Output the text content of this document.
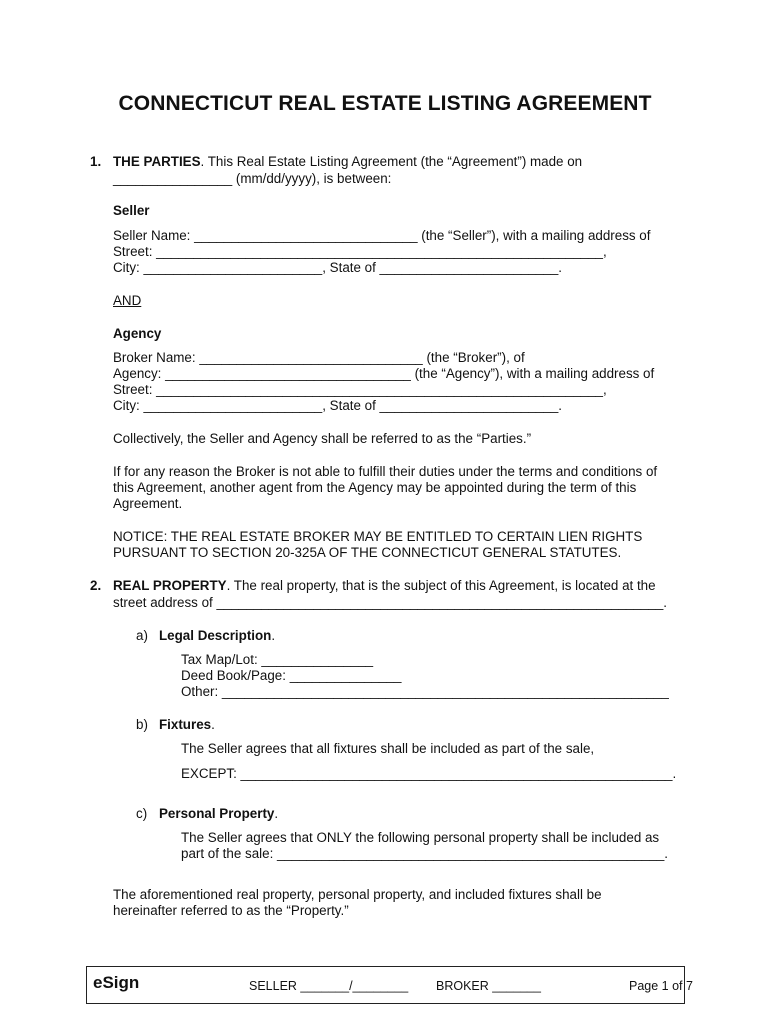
CONNECTICUT REAL ESTATE LISTING AGREEMENT
1. THE PARTIES. This Real Estate Listing Agreement (the “Agreement”) made on
________________ (mm/dd/yyyy), is between:
Seller
Seller Name: ______________________________ (the “Seller”), with a mailing address of
Street: ____________________________________________________________,
City: ________________________, State of ________________________.
AND
Agency
Broker Name: ______________________________ (the “Broker”), of
Agency: _________________________________ (the “Agency”), with a mailing address of
Street: ____________________________________________________________,
City: ________________________, State of ________________________.
Collectively, the Seller and Agency shall be referred to as the “Parties.”
If for any reason the Broker is not able to fulfill their duties under the terms and conditions of
this Agreement, another agent from the Agency may be appointed during the term of this
Agreement.
NOTICE: THE REAL ESTATE BROKER MAY BE ENTITLED TO CERTAIN LIEN RIGHTS
PURSUANT TO SECTION 20-325A OF THE CONNECTICUT GENERAL STATUTES.
2. REAL PROPERTY. The real property, that is the subject of this Agreement, is located at the
street address of ____________________________________________________________.
a) Legal Description.
Tax Map/Lot: _______________
Deed Book/Page: _______________
Other: ____________________________________________________________
b) Fixtures.
The Seller agrees that all fixtures shall be included as part of the sale,
EXCEPT: __________________________________________________________.
c) Personal Property.
The Seller agrees that ONLY the following personal property shall be included as
part of the sale: ____________________________________________________.
The aforementioned real property, personal property, and included fixtures shall be
hereinafter referred to as the “Property.”
eSign	SELLER _______/________ BROKER _______	Page 1 of 7
